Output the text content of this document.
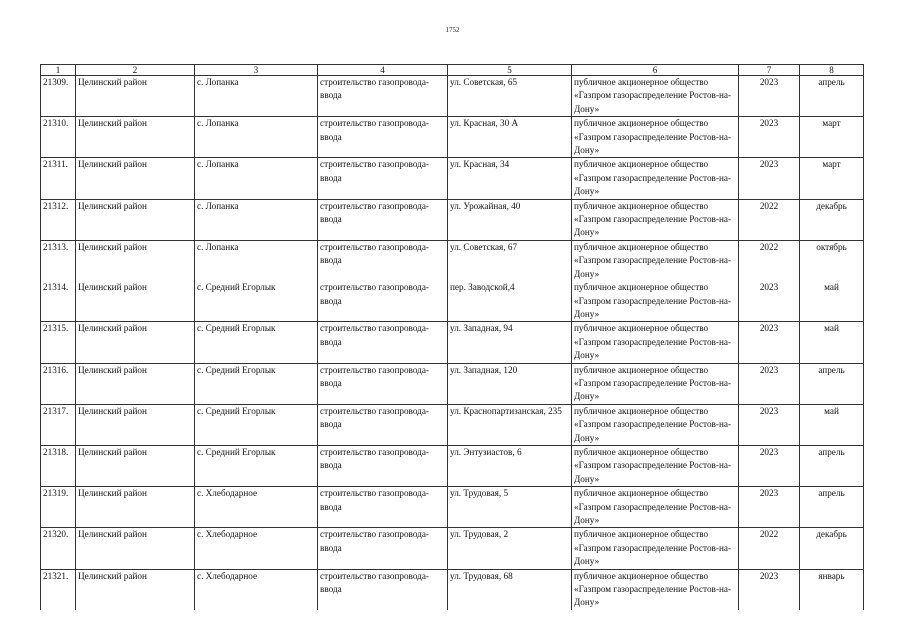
1752
1	2	3	4	5	6	7	8
21309.	Целинский район	с. Лопанка	строительство газопровода-ввода	ул. Советская, 65	публичное акционерное общество «Газпром газораспределение Ростов-на-Дону»	2023	апрель
21310.	Целинский район	с. Лопанка	строительство газопровода-ввода	ул. Красная, 30 А	публичное акционерное общество «Газпром газораспределение Ростов-на-Дону»	2023	март
21311.	Целинский район	с. Лопанка	строительство газопровода-ввода	ул. Красная, 34	публичное акционерное общество «Газпром газораспределение Ростов-на-Дону»	2023	март
21312.	Целинский район	с. Лопанка	строительство газопровода-ввода	ул. Урожайная, 40	публичное акционерное общество «Газпром газораспределение Ростов-на-Дону»	2022	декабрь
21313.	Целинский район	с. Лопанка	строительство газопровода-ввода	ул. Советская, 67	публичное акционерное общество «Газпром газораспределение Ростов-на-Дону»	2022	октябрь
21314.	Целинский район	с. Средний Егорлык	строительство газопровода-ввода	пер. Заводской,4	публичное акционерное общество «Газпром газораспределение Ростов-на-Дону»	2023	май
21315.	Целинский район	с. Средний Егорлык	строительство газопровода-ввода	ул. Западная, 94	публичное акционерное общество «Газпром газораспределение Ростов-на-Дону»	2023	май
21316.	Целинский район	с. Средний Егорлык	строительство газопровода-ввода	ул. Западная, 120	публичное акционерное общество «Газпром газораспределение Ростов-на-Дону»	2023	апрель
21317.	Целинский район	с. Средний Егорлык	строительство газопровода-ввода	ул. Краснопартизанская, 235	публичное акционерное общество «Газпром газораспределение Ростов-на-Дону»	2023	май
21318.	Целинский район	с. Средний Егорлык	строительство газопровода-ввода	ул. Энтузиастов, 6	публичное акционерное общество «Газпром газораспределение Ростов-на-Дону»	2023	апрель
21319.	Целинский район	с. Хлебодарное	строительство газопровода-ввода	ул. Трудовая, 5	публичное акционерное общество «Газпром газораспределение Ростов-на-Дону»	2023	апрель
21320.	Целинский район	с. Хлебодарное	строительство газопровода-ввода	ул. Трудовая, 2	публичное акционерное общество «Газпром газораспределение Ростов-на-Дону»	2022	декабрь
21321.	Целинский район	с. Хлебодарное	строительство газопровода-ввода	ул. Трудовая, 68	публичное акционерное общество «Газпром газораспределение Ростов-на-Дону»	2023	январь
